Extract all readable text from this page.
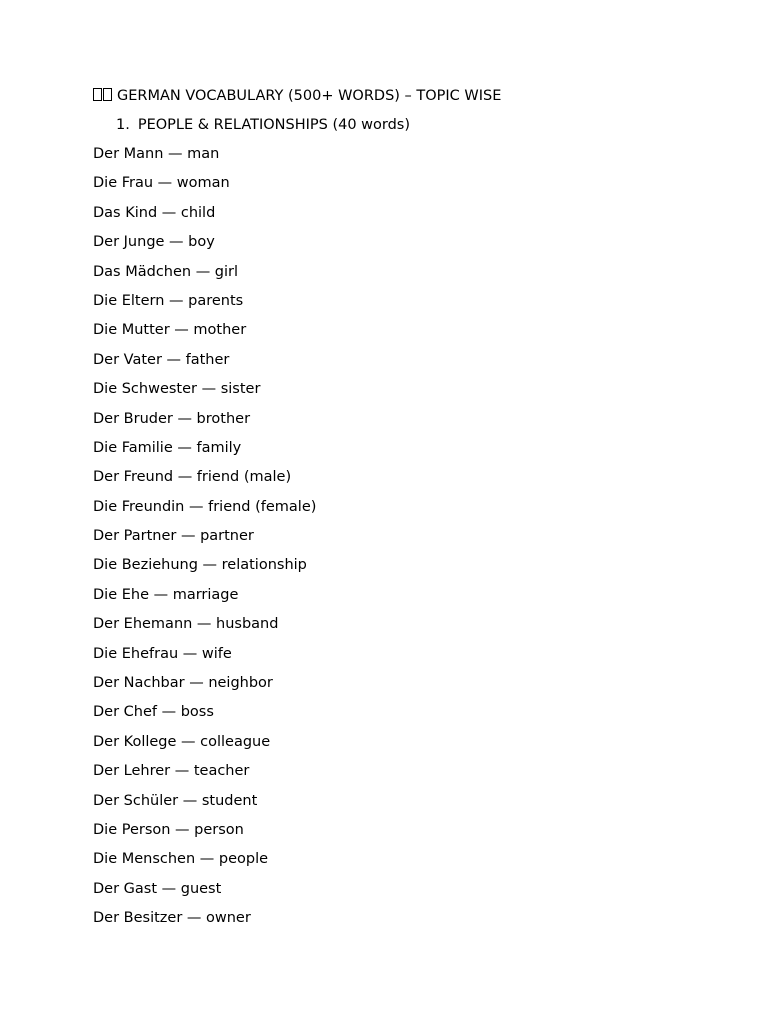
GERMAN VOCABULARY (500+ WORDS) – TOPIC WISE
1. PEOPLE & RELATIONSHIPS (40 words)
Der Mann — man
Die Frau — woman
Das Kind — child
Der Junge — boy
Das Mädchen — girl
Die Eltern — parents
Die Mutter — mother
Der Vater — father
Die Schwester — sister
Der Bruder — brother
Die Familie — family
Der Freund — friend (male)
Die Freundin — friend (female)
Der Partner — partner
Die Beziehung — relationship
Die Ehe — marriage
Der Ehemann — husband
Die Ehefrau — wife
Der Nachbar — neighbor
Der Chef — boss
Der Kollege — colleague
Der Lehrer — teacher
Der Schüler — student
Die Person — person
Die Menschen — people
Der Gast — guest
Der Besitzer — owner
